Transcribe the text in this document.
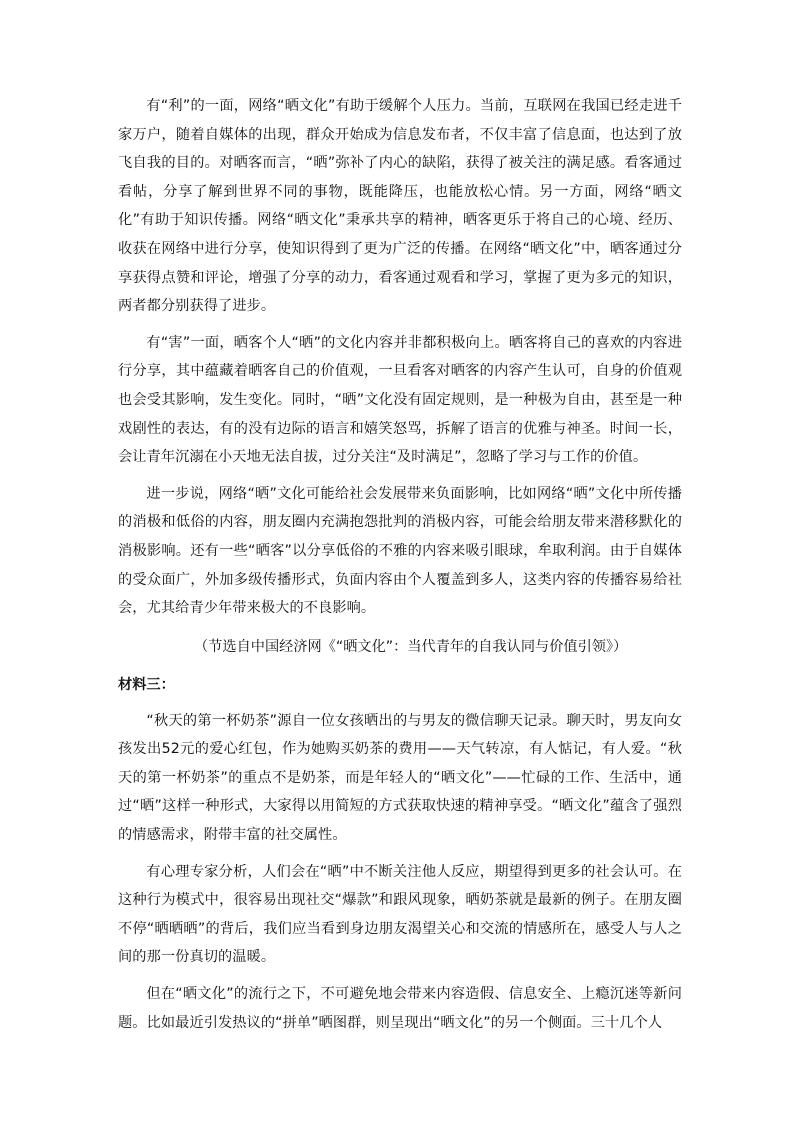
有“利”的一面，网络“晒文化”有助于缓解个人压力。当前，互联网在我国已经走进千家万户，随着自媒体的出现，群众开始成为信息发布者，不仅丰富了信息面，也达到了放飞自我的目的。对晒客而言，“晒”弥补了内心的缺陷，获得了被关注的满足感。看客通过看帖，分享了解到世界不同的事物，既能降压，也能放松心情。另一方面，网络“晒文化”有助于知识传播。网络“晒文化”秉承共享的精神，晒客更乐于将自己的心境、经历、收获在网络中进行分享，使知识得到了更为广泛的传播。在网络“晒文化”中，晒客通过分享获得点赞和评论，增强了分享的动力，看客通过观看和学习，掌握了更为多元的知识，两者都分别获得了进步。

有“害”一面，晒客个人“晒”的文化内容并非都积极向上。晒客将自己的喜欢的内容进行分享，其中蕴藏着晒客自己的价值观，一旦看客对晒客的内容产生认可，自身的价值观也会受其影响，发生变化。同时，“晒”文化没有固定规则，是一种极为自由，甚至是一种戏剧性的表达，有的没有边际的语言和嬉笑怒骂，拆解了语言的优雅与神圣。时间一长，会让青年沉溺在小天地无法自拔，过分关注“及时满足”，忽略了学习与工作的价值。

进一步说，网络“晒”文化可能给社会发展带来负面影响，比如网络“晒”文化中所传播的消极和低俗的内容，朋友圈内充满抱怨批判的消极内容，可能会给朋友带来潜移默化的消极影响。还有一些“晒客”以分享低俗的不雅的内容来吸引眼球，牟取利润。由于自媒体的受众面广，外加多级传播形式，负面内容由个人覆盖到多人，这类内容的传播容易给社会，尤其给青少年带来极大的不良影响。

（节选自中国经济网《“晒文化”：当代青年的自我认同与价值引领》）

材料三：

“秋天的第一杯奶茶”源自一位女孩晒出的与男友的微信聊天记录。聊天时，男友向女孩发出52元的爱心红包，作为她购买奶茶的费用——天气转凉，有人惦记，有人爱。“秋天的第一杯奶茶”的重点不是奶茶，而是年轻人的“晒文化”——忙碌的工作、生活中，通过“晒”这样一种形式，大家得以用简短的方式获取快速的精神享受。“晒文化”蕴含了强烈的情感需求，附带丰富的社交属性。

有心理专家分析，人们会在“晒”中不断关注他人反应，期望得到更多的社会认可。在这种行为模式中，很容易出现社交“爆款”和跟风现象，晒奶茶就是最新的例子。在朋友圈不停“晒晒晒”的背后，我们应当看到身边朋友渴望关心和交流的情感所在，感受人与人之间的那一份真切的温暖。

但在“晒文化”的流行之下，不可避免地会带来内容造假、信息安全、上瘾沉迷等新问题。比如最近引发热议的“拼单”晒图群，则呈现出“晒文化”的另一个侧面。三十几个人
